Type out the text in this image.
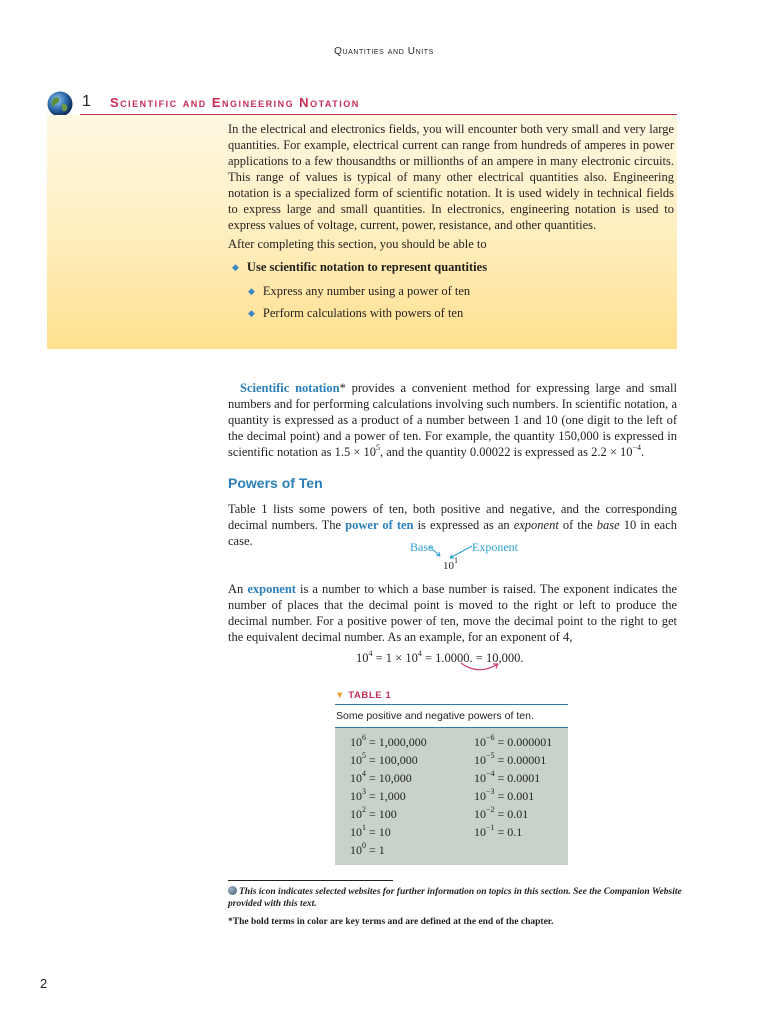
Quantities and Units
1 Scientific and Engineering Notation
In the electrical and electronics fields, you will encounter both very small and very large quantities. For example, electrical current can range from hundreds of amperes in power applications to a few thousandths or millionths of an ampere in many electronic circuits. This range of values is typical of many other electrical quantities also. Engineering notation is a specialized form of scientific notation. It is used widely in technical fields to express large and small quantities. In electronics, engineering notation is used to express values of voltage, current, power, resistance, and other quantities.
After completing this section, you should be able to
◆ Use scientific notation to represent quantities
◆ Express any number using a power of ten
◆ Perform calculations with powers of ten
Scientific notation* provides a convenient method for expressing large and small numbers and for performing calculations involving such numbers. In scientific notation, a quantity is expressed as a product of a number between 1 and 10 (one digit to the left of the decimal point) and a power of ten. For example, the quantity 150,000 is expressed in scientific notation as $1.5 \times 10^5$, and the quantity 0.00022 is expressed as $2.2 \times 10^{-4}$.
Powers of Ten
Table 1 lists some powers of ten, both positive and negative, and the corresponding decimal numbers. The power of ten is expressed as an exponent of the base 10 in each case.	Base	Exponent
$10^1$
An exponent is a number to which a base number is raised. The exponent indicates the number of places that the decimal point is moved to the right or left to produce the decimal number. For a positive power of ten, move the decimal point to the right to get the equivalent decimal number. As an example, for an exponent of 4,
$10^4 = 1 \times 10^4 = 1.0000$. = 10,000.
▼ TABLE 1
Some positive and negative powers of ten.
$10^6 = 1,000,000$
$10^5 = 100,000$
$10^4 = 10,000$
$10^3 = 1,000$
$10^2 = 100$
$10^1 = 10$
$10^0 = 1$
$10^{-6} = 0.000001$
$10^{-5} = 0.00001$
$10^{-4} = 0.0001$
$10^{-3} = 0.001$
$10^{-2} = 0.01$
$10^{-1} = 0.1$
This icon indicates selected websites for further information on topics in this section. See the Companion Website provided with this text.
*The bold terms in color are key terms and are defined at the end of the chapter.
2
